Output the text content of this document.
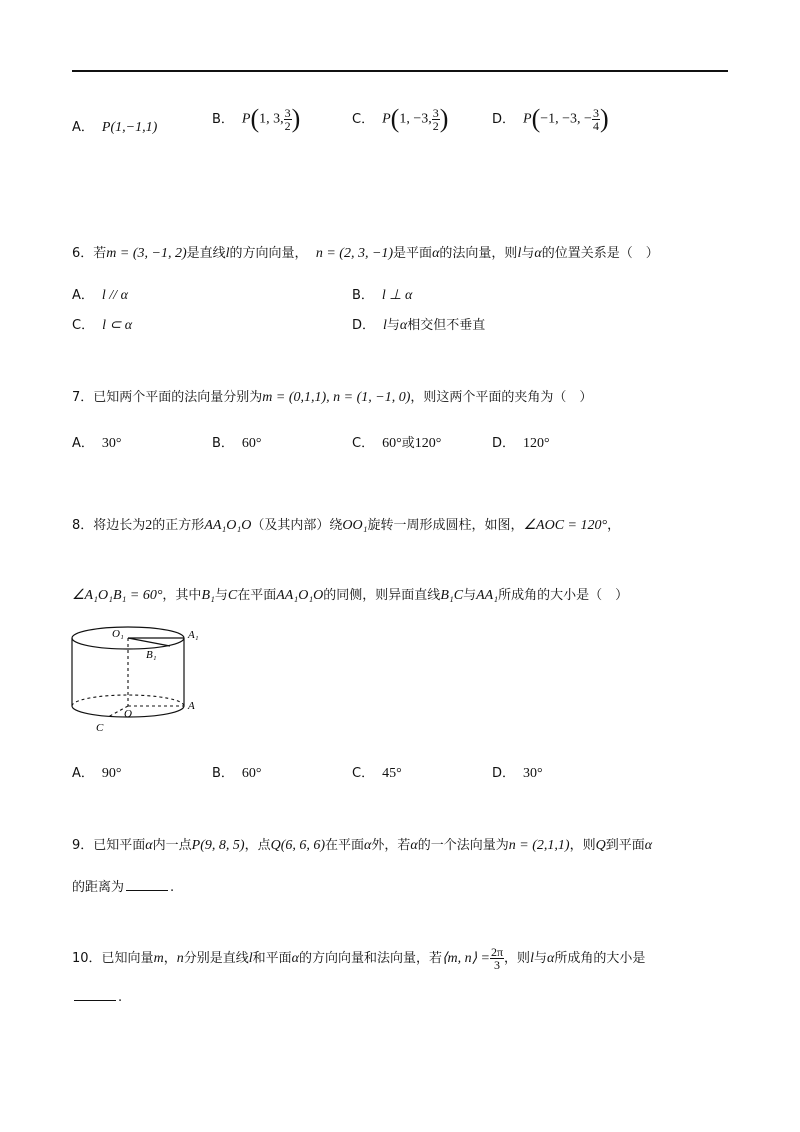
A． P(1,−1,1)
B． P(1, 3, $\frac{3}{2}$ )	C． P(1, −3, $\frac{3}{2}$ )	D． P(−1, −3, − $\frac{3}{4}$ )
6．若m = (3, −1, 2)是直线l的方向向量， n = (2, 3, −1)是平面α的法向量，则l与α的位置关系是（　）
A． l // α	B． l ⊥ α
C． l ⊂ α	D． l与α相交但不垂直
7．已知两个平面的法向量分别为m = (0,1,1), n = (1, −1, 0)，则这两个平面的夹角为（　）
A． 30°	B． 60°	C． 60°或120°	D． 120°
8．将边长为2的正方形AA₁O₁O（及其内部）绕OO₁旋转一周形成圆柱，如图，∠AOC = 120°，
∠A₁O₁B₁ = 60°，其中B₁与C在平面AA₁O₁O的同侧，则异面直线B₁C与AA₁所成角的大小是（　）
O₁	A₁
B₁
O
A
C
A． 90°	B． 60°	C． 45°	D． 30°
9．已知平面α内一点P(9, 8, 5)，点Q(6, 6, 6)在平面α外，若α的一个法向量为n = (2,1,1)，则Q到平面α
的距离为	.
10．已知向量m，n分别是直线l和平面α的方向向量和法向量，若⟨m, n⟩ = $\frac{2\pi}{3}$ ，则l与α所成角的大小是
.
